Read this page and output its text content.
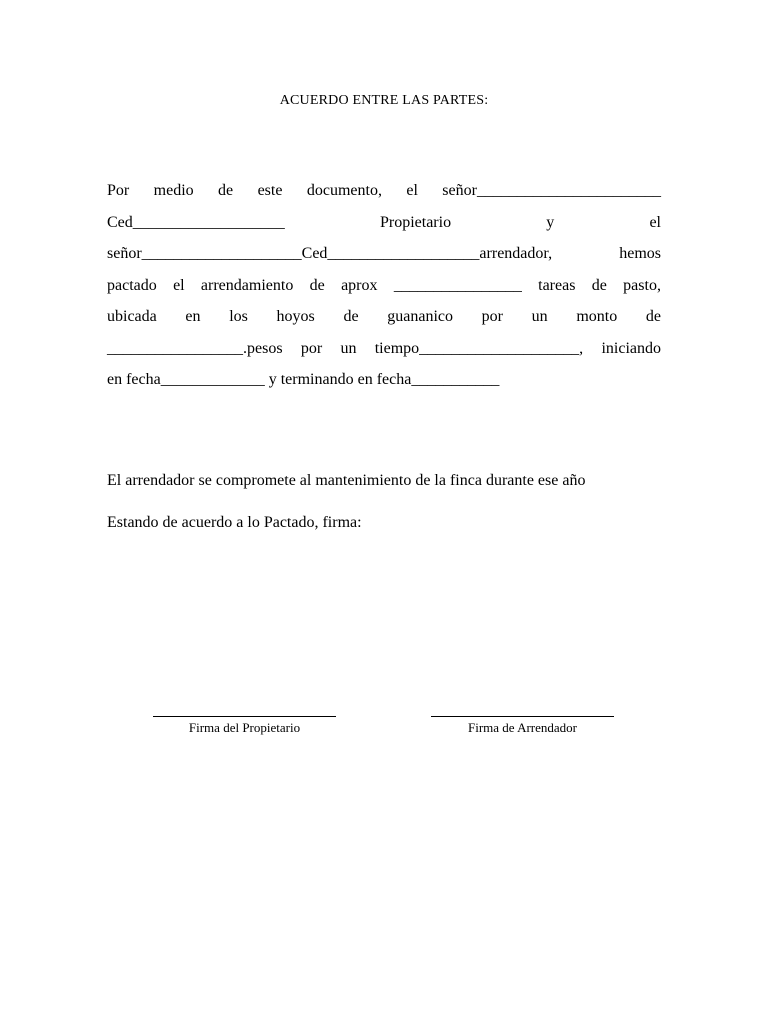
ACUERDO ENTRE LAS PARTES:
Por medio de este documento, el señor_______________________
Ced___________________	Propietario	y	el
señor____________________Ced___________________arrendador,	hemos
pactado el arrendamiento de aprox ________________ tareas de pasto,
ubicada en los hoyos de guananico por un monto de
_________________.pesos por un tiempo____________________, iniciando
en fecha_____________ y terminando en fecha___________
El arrendador se compromete al mantenimiento de la finca durante ese año
Estando de acuerdo a lo Pactado, firma:
Firma del Propietario	Firma de Arrendador
